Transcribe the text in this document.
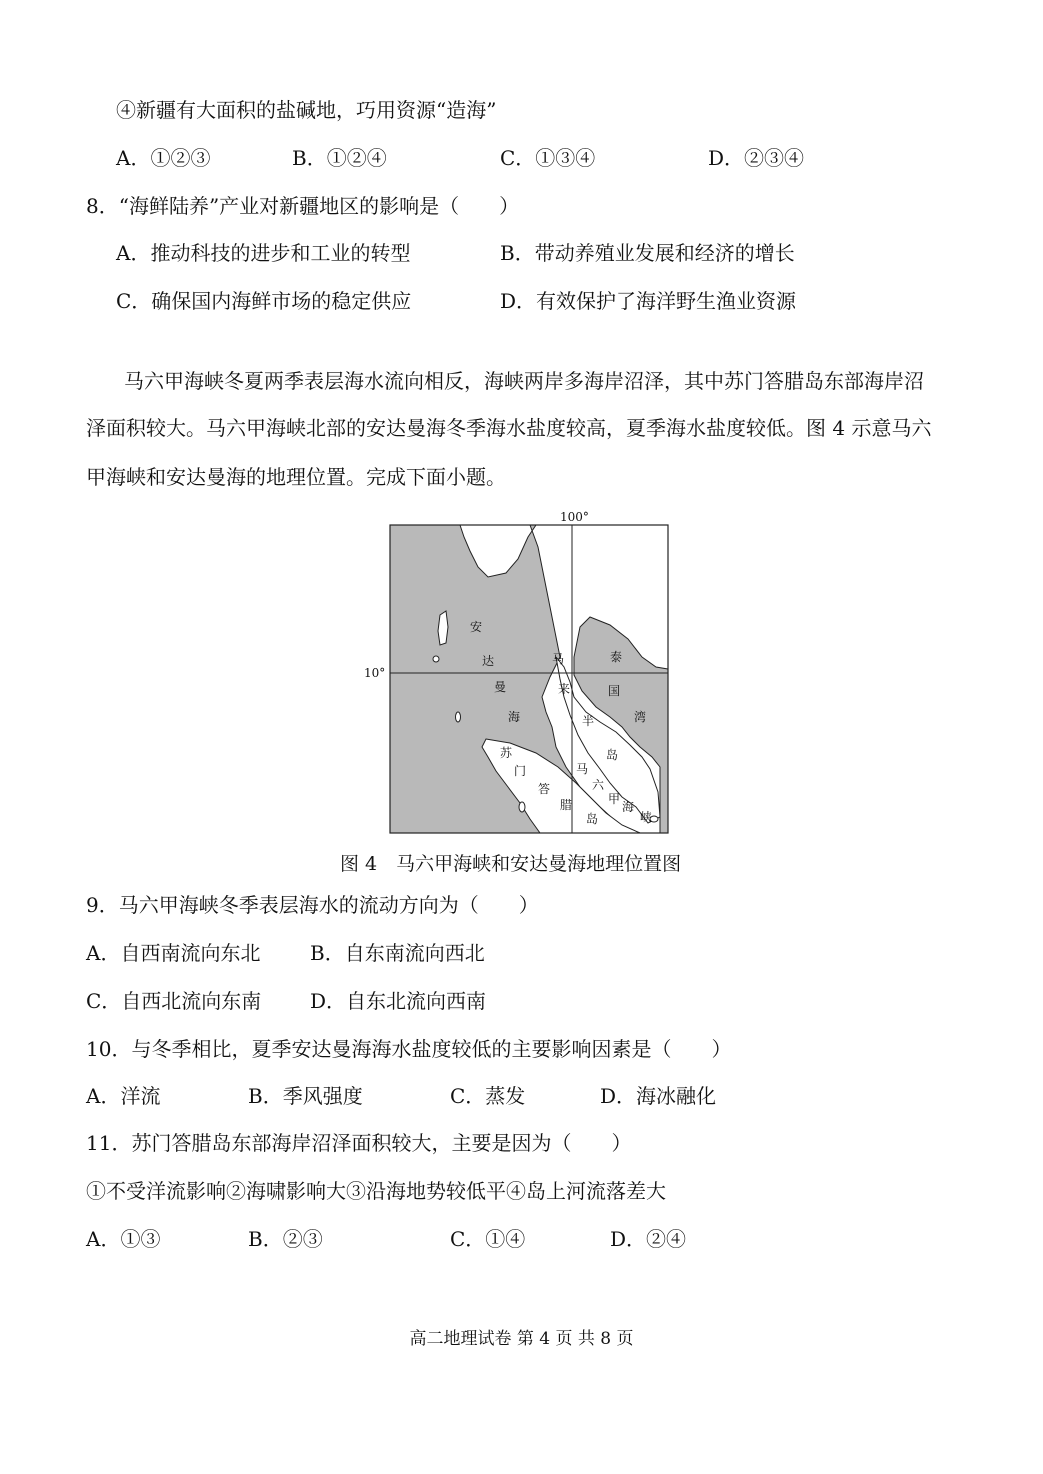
④新疆有大面积的盐碱地，巧用资源“造海”
A．①②③	B．①②④	C．①③④	D．②③④
8．“海鲜陆养”产业对新疆地区的影响是（　　）
A．推动科技的进步和工业的转型	B．带动养殖业发展和经济的增长
C．确保国内海鲜市场的稳定供应	D．有效保护了海洋野生渔业资源
马六甲海峡冬夏两季表层海水流向相反，海峡两岸多海岸沼泽，其中苏门答腊岛东部海岸沼
泽面积较大。马六甲海峡北部的安达曼海冬季海水盐度较高，夏季海水盐度较低。图 4 示意马六
甲海峡和安达曼海的地理位置。完成下面小题。
100°
10°
安
达
曼
海
泰
国
湾
马
来
半
岛
苏
门
答
腊
岛
马
六
甲
海
峡
图 4　马六甲海峡和安达曼海地理位置图
9．马六甲海峡冬季表层海水的流动方向为（　　）
A．自西南流向东北 B．自东南流向西北
C．自西北流向东南 D．自东北流向西南
10．与冬季相比，夏季安达曼海海水盐度较低的主要影响因素是（　　）
A．洋流	B．季风强度	C．蒸发	D．海冰融化
11．苏门答腊岛东部海岸沼泽面积较大，主要是因为（　　）
①不受洋流影响②海啸影响大③沿海地势较低平④岛上河流落差大
A．①③	B．②③	C．①④	D．②④
高二地理试卷 第 4 页 共 8 页
